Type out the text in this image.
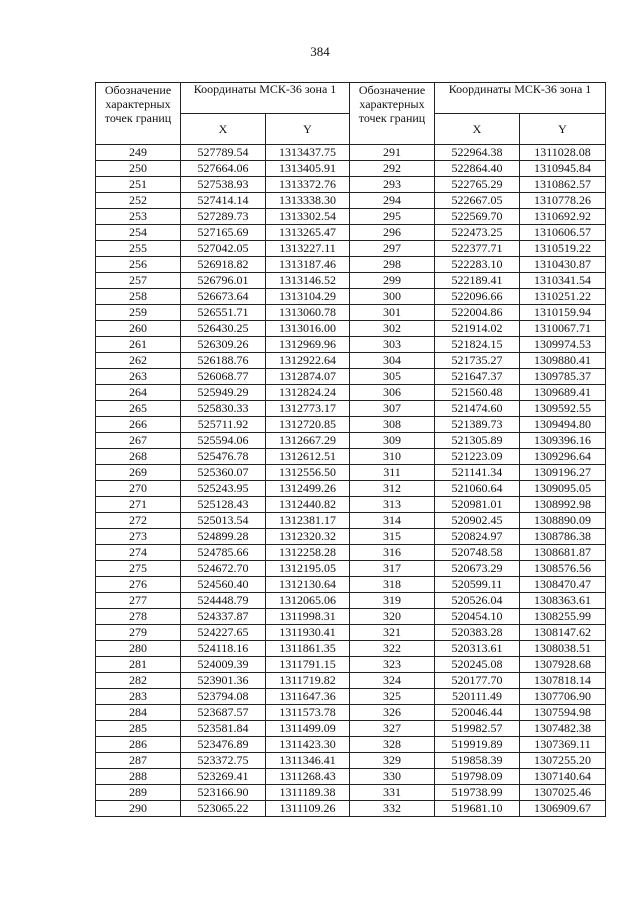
384
Обозначение характерных точек границ	Координаты МСК-36 зона 1		Обозначение характерных точек границ	Координаты МСК-36 зона 1	
	X	Y		X	Y
249	527789.54	1313437.75	291	522964.38	1311028.08
250	527664.06	1313405.91	292	522864.40	1310945.84
251	527538.93	1313372.76	293	522765.29	1310862.57
252	527414.14	1313338.30	294	522667.05	1310778.26
253	527289.73	1313302.54	295	522569.70	1310692.92
254	527165.69	1313265.47	296	522473.25	1310606.57
255	527042.05	1313227.11	297	522377.71	1310519.22
256	526918.82	1313187.46	298	522283.10	1310430.87
257	526796.01	1313146.52	299	522189.41	1310341.54
258	526673.64	1313104.29	300	522096.66	1310251.22
259	526551.71	1313060.78	301	522004.86	1310159.94
260	526430.25	1313016.00	302	521914.02	1310067.71
261	526309.26	1312969.96	303	521824.15	1309974.53
262	526188.76	1312922.64	304	521735.27	1309880.41
263	526068.77	1312874.07	305	521647.37	1309785.37
264	525949.29	1312824.24	306	521560.48	1309689.41
265	525830.33	1312773.17	307	521474.60	1309592.55
266	525711.92	1312720.85	308	521389.73	1309494.80
267	525594.06	1312667.29	309	521305.89	1309396.16
268	525476.78	1312612.51	310	521223.09	1309296.64
269	525360.07	1312556.50	311	521141.34	1309196.27
270	525243.95	1312499.26	312	521060.64	1309095.05
271	525128.43	1312440.82	313	520981.01	1308992.98
272	525013.54	1312381.17	314	520902.45	1308890.09
273	524899.28	1312320.32	315	520824.97	1308786.38
274	524785.66	1312258.28	316	520748.58	1308681.87
275	524672.70	1312195.05	317	520673.29	1308576.56
276	524560.40	1312130.64	318	520599.11	1308470.47
277	524448.79	1312065.06	319	520526.04	1308363.61
278	524337.87	1311998.31	320	520454.10	1308255.99
279	524227.65	1311930.41	321	520383.28	1308147.62
280	524118.16	1311861.35	322	520313.61	1308038.51
281	524009.39	1311791.15	323	520245.08	1307928.68
282	523901.36	1311719.82	324	520177.70	1307818.14
283	523794.08	1311647.36	325	520111.49	1307706.90
284	523687.57	1311573.78	326	520046.44	1307594.98
285	523581.84	1311499.09	327	519982.57	1307482.38
286	523476.89	1311423.30	328	519919.89	1307369.11
287	523372.75	1311346.41	329	519858.39	1307255.20
288	523269.41	1311268.43	330	519798.09	1307140.64
289	523166.90	1311189.38	331	519738.99	1307025.46
290	523065.22	1311109.26	332	519681.10	1306909.67
